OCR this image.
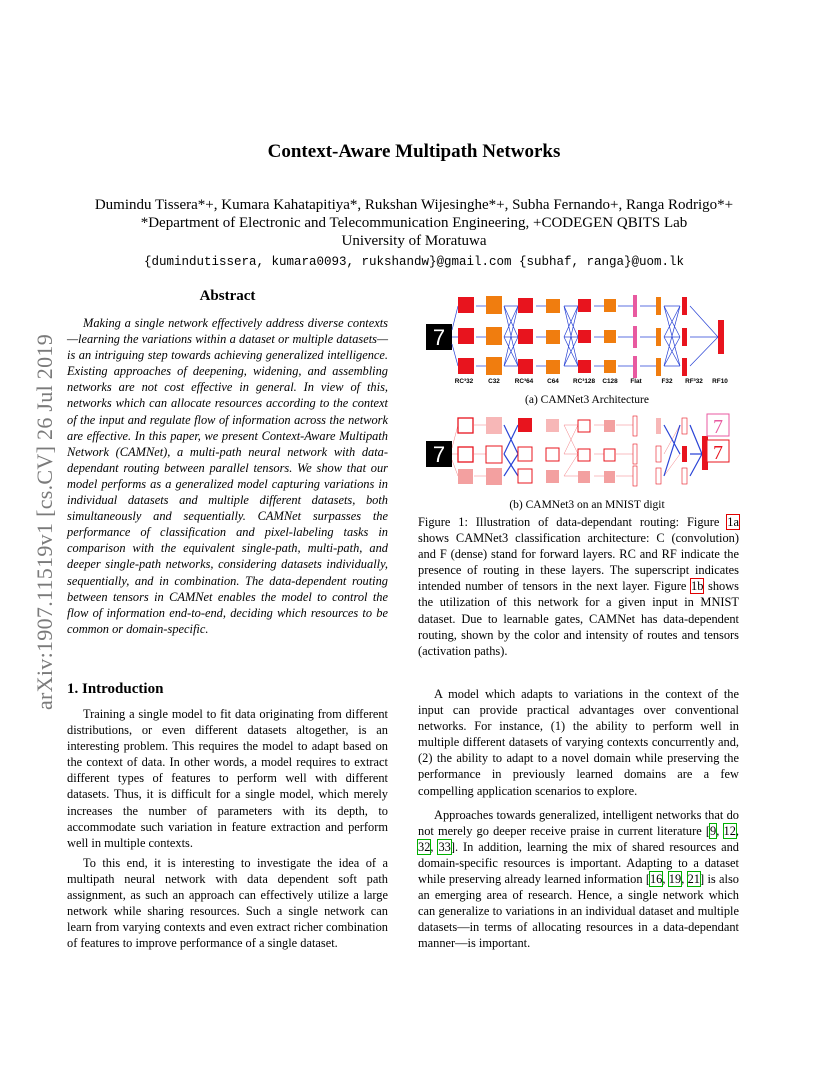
Context-Aware Multipath Networks
Dumindu Tissera*+, Kumara Kahatapitiya*, Rukshan Wijesinghe*+, Subha Fernando+, Ranga Rodrigo*+
*Department of Electronic and Telecommunication Engineering, +CODEGEN QBITS Lab
University of Moratuwa
{dumindutissera, kumara0093, rukshandw}@gmail.com {subhaf, ranga}@uom.lk
arXiv:1907.11519v1 [cs.CV] 26 Jul 2019
Abstract

Making a single network effectively address diverse contexts—learning the variations within a dataset or multiple datasets—is an intriguing step towards achieving generalized intelligence. Existing approaches of deepening, widening, and assembling networks are not cost effective in general. In view of this, networks which can allocate resources according to the context of the input and regulate flow of information across the network are effective. In this paper, we present Context-Aware Multipath Network (CAMNet), a multi-path neural network with data-dependant routing between parallel tensors. We show that our model performs as a generalized model capturing variations in individual datasets and multiple different datasets, both simultaneously and sequentially. CAMNet surpasses the performance of classification and pixel-labeling tasks in comparison with the equivalent single-path, multi-path, and deeper single-path networks, considering datasets individually, sequentially, and in combination. The data-dependent routing between tensors in CAMNet enables the model to control the flow of information end-to-end, deciding which resources to be common or domain-specific.

1. Introduction

Training a single model to fit data originating from different distributions, or even different datasets altogether, is an interesting problem. This requires the model to adapt based on the context of data. In other words, a model requires to extract different types of features to perform well with different datasets. Thus, it is difficult for a single model, which merely increases the number of parameters with its depth, to accommodate such variation in feature extraction and perform well in multiple contexts.

To this end, it is interesting to investigate the idea of a multipath neural network with data dependent soft path assignment, as such an approach can effectively utilize a large network while sharing resources. Such a single network can learn from varying contexts and even extract richer combination of features to improve performance of a single dataset.

7
RC³32 C32 RC³64 C64 RC³128 C128 Flat	F32 RF³32 RF10
7
7
7
(a) CAMNet3 Architecture
(b) CAMNet3 on an MNIST digit

Figure 1: Illustration of data-dependant routing: Figure 1a shows CAMNet3 classification architecture: C (convolution) and F (dense) stand for forward layers. RC and RF indicate the presence of routing in these layers. The superscript indicates intended number of tensors in the next layer. Figure 1b shows the utilization of this network for a given input in MNIST dataset. Due to learnable gates, CAMNet has data-dependent routing, shown by the color and intensity of routes and tensors (activation paths).

A model which adapts to variations in the context of the input can provide practical advantages over conventional networks. For instance, (1) the ability to perform well in multiple different datasets of varying contexts concurrently and, (2) the ability to adapt to a novel domain while preserving the performance in previously learned domains are a few compelling application scenarios to explore.

Approaches towards generalized, intelligent networks that do not merely go deeper receive praise in current literature [9, 12, 32, 33]. In addition, learning the mix of shared resources and domain-specific resources is important. Adapting to a dataset while preserving already learned information [16, 19, 21] is also an emerging area of research. Hence, a single network which can generalize to variations in an individual dataset and multiple datasets—in terms of allocating resources in a data-dependant manner—is important.
